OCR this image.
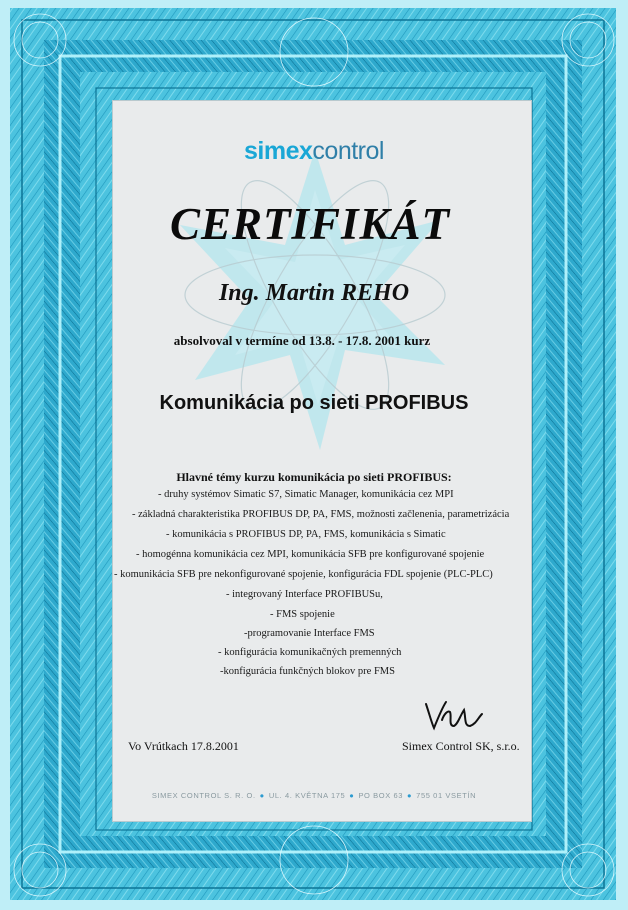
simexcontrol
CERTIFIKÁT
Ing. Martin REHO
absolvoval v termíne od 13.8. - 17.8. 2001 kurz
Komunikácia po sieti PROFIBUS
Hlavné témy kurzu komunikácia po sieti PROFIBUS:
- druhy systémov Simatic S7, Simatic Manager, komunikácia cez MPI
- základná charakteristika PROFIBUS DP, PA, FMS, možnosti začlenenia, parametrizácia
- komunikácia s PROFIBUS DP, PA, FMS, komunikácia s Simatic
- homogénna komunikácia cez MPI, komunikácia SFB pre konfigurované spojenie
- komunikácia SFB pre nekonfigurované spojenie, konfigurácia FDL spojenie (PLC-PLC)
- integrovaný Interface PROFIBUSu,
- FMS spojenie
-programovanie Interface FMS
- konfigurácia komunikačných premenných
-konfigurácia funkčných blokov pre FMS
Vo Vrútkach 17.8.2001	Simex Control SK, s.r.o.
SIMEX CONTROL S. R. O. ● UL. 4. KVĚTNA 175 ● PO BOX 63 ● 755 01 VSETÍN
